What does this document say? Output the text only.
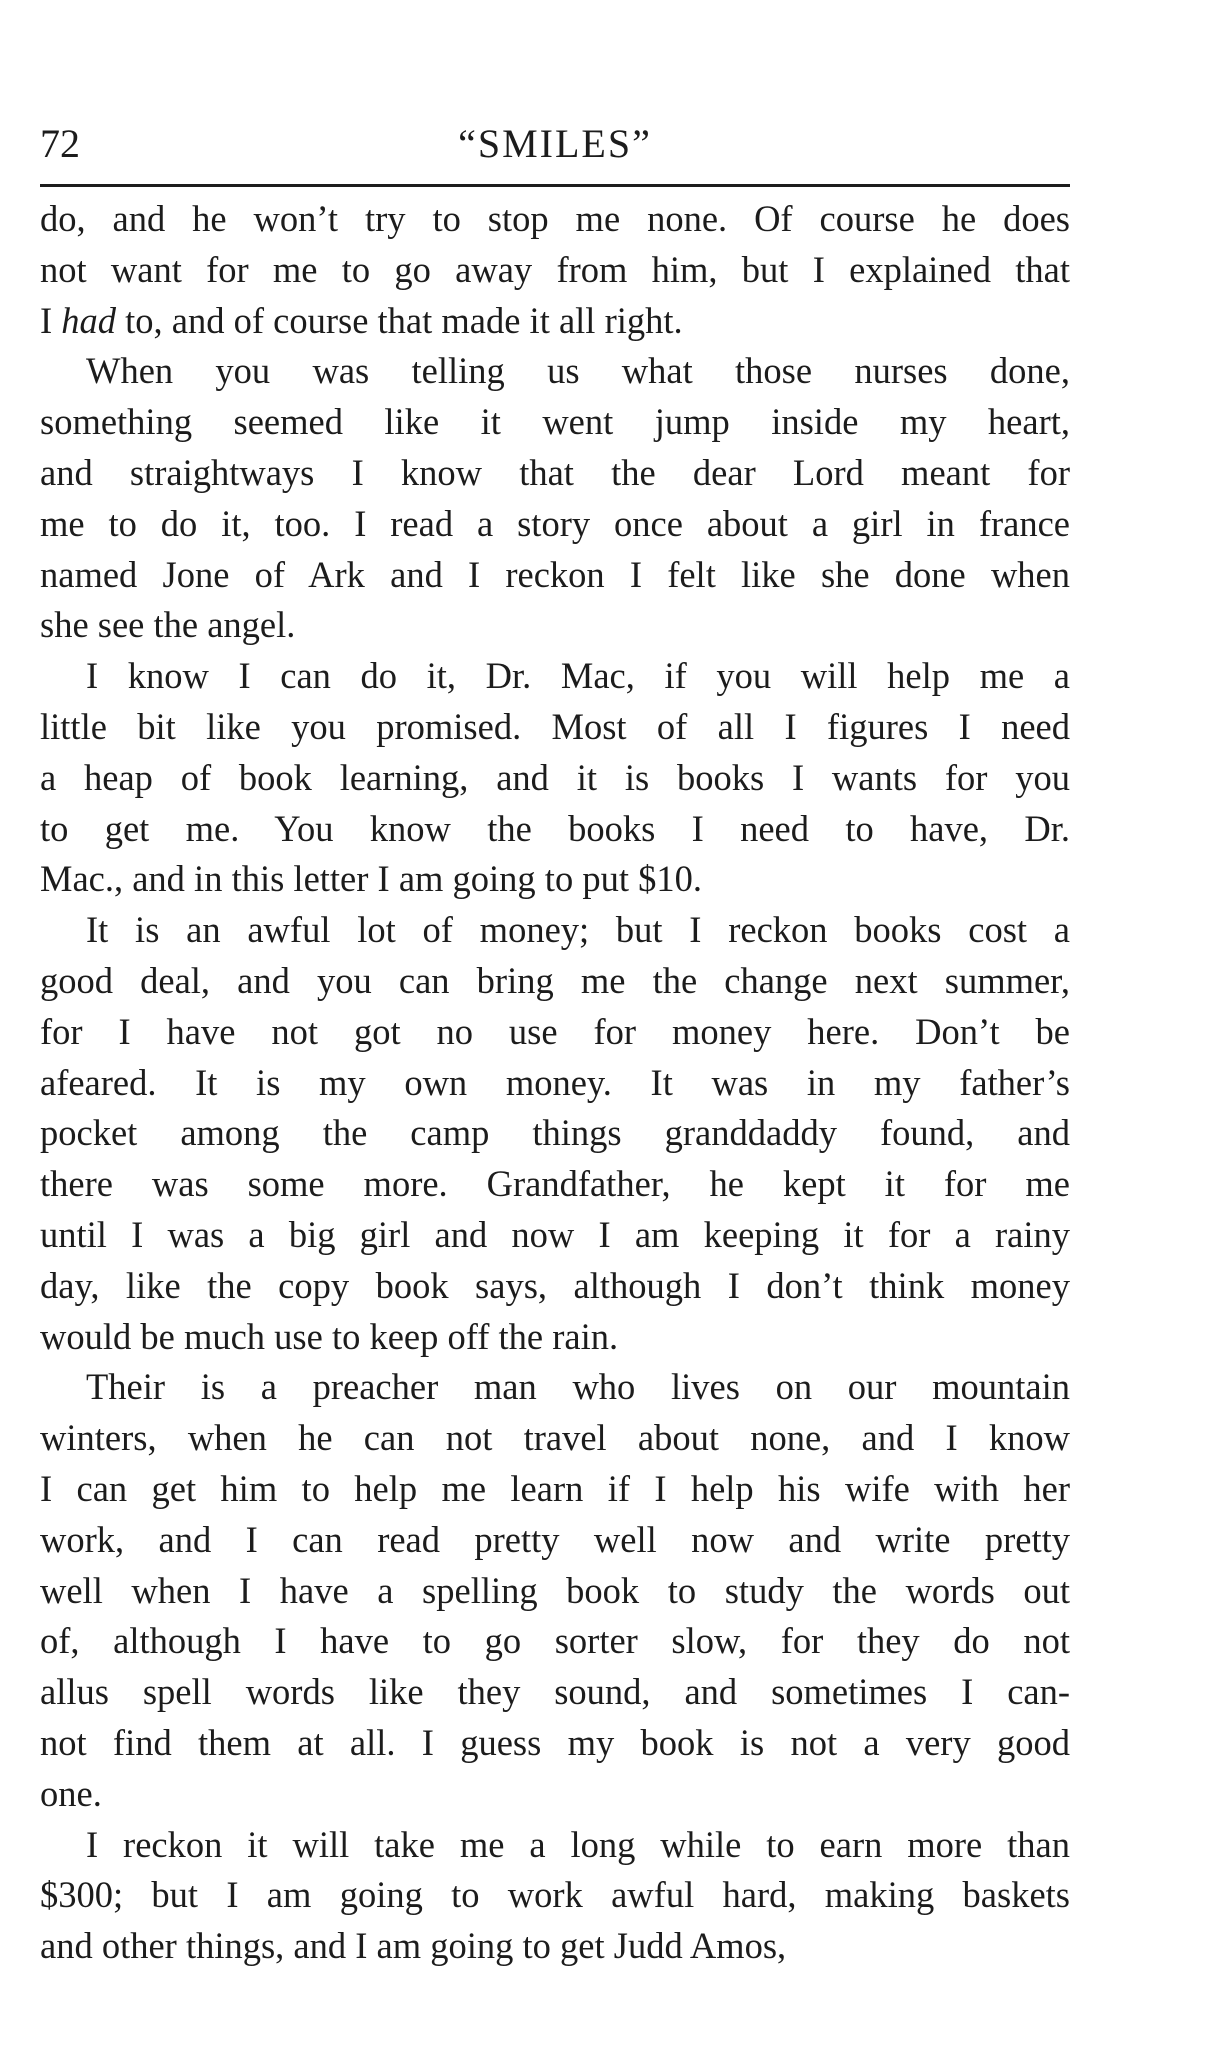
72	“SMILES”
do, and he won’t try to stop me none. Of course he does
not want for me to go away from him, but I explained that
I had to, and of course that made it all right.
When you was telling us what those nurses done,
something seemed like it went jump inside my heart,
and straightways I know that the dear Lord meant for
me to do it, too. I read a story once about a girl in france
named Jone of Ark and I reckon I felt like she done when
she see the angel.
I know I can do it, Dr. Mac, if you will help me a
little bit like you promised. Most of all I figures I need
a heap of book learning, and it is books I wants for you
to get me. You know the books I need to have, Dr.
Mac., and in this letter I am going to put $10.
It is an awful lot of money; but I reckon books cost a
good deal, and you can bring me the change next summer,
for I have not got no use for money here. Don’t be
afeared. It is my own money. It was in my father’s
pocket among the camp things granddaddy found, and
there was some more. Grandfather, he kept it for me
until I was a big girl and now I am keeping it for a rainy
day, like the copy book says, although I don’t think money
would be much use to keep off the rain.
Their is a preacher man who lives on our mountain
winters, when he can not travel about none, and I know
I can get him to help me learn if I help his wife with her
work, and I can read pretty well now and write pretty
well when I have a spelling book to study the words out
of, although I have to go sorter slow, for they do not
allus spell words like they sound, and sometimes I can-
not find them at all. I guess my book is not a very good
one.
I reckon it will take me a long while to earn more than
$300; but I am going to work awful hard, making baskets
and other things, and I am going to get Judd Amos,
